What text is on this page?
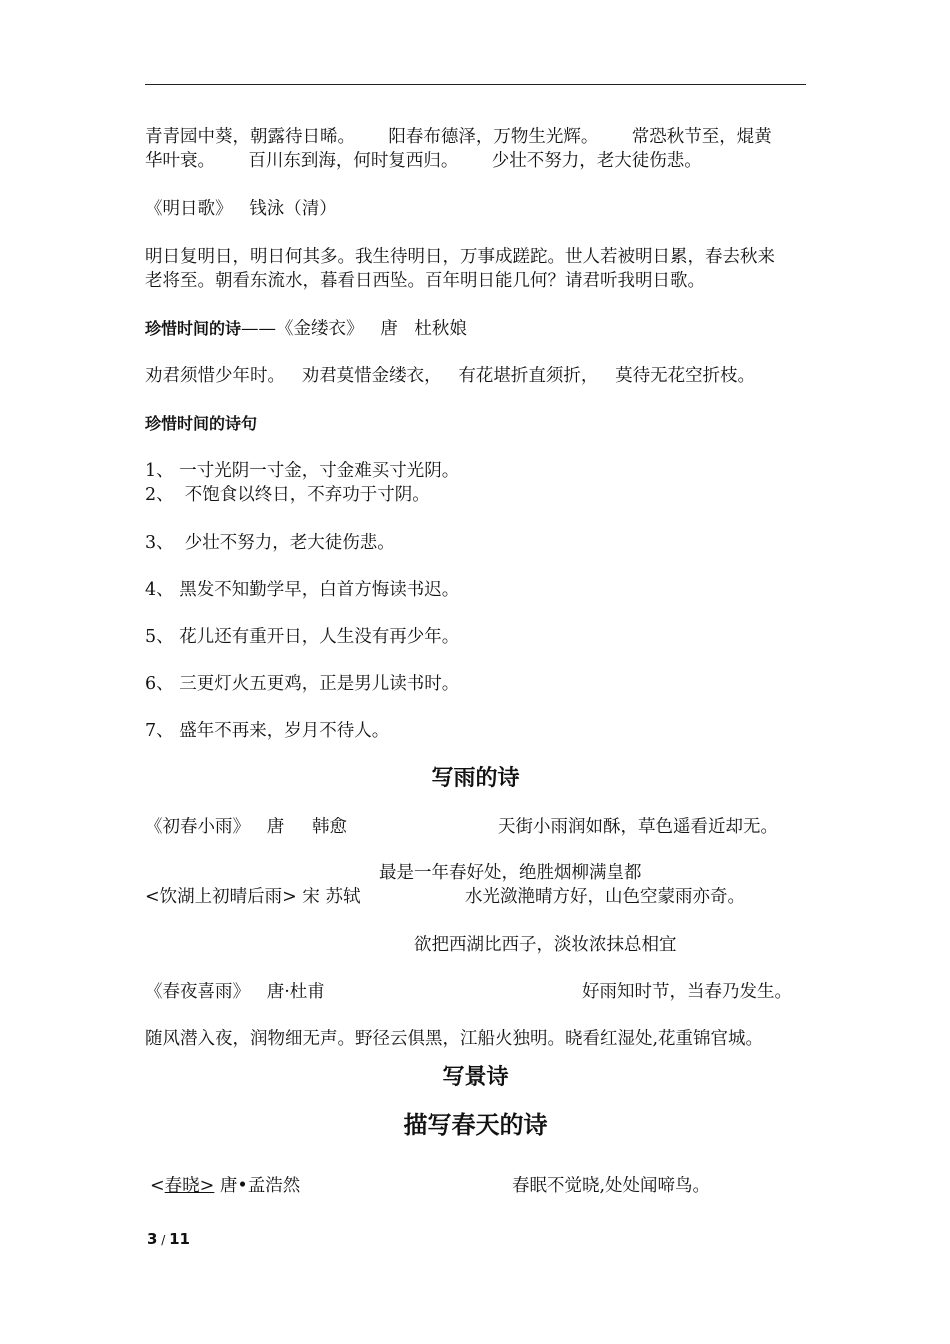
青青园中葵，朝露待日晞。      阳春布德泽，万物生光辉。      常恐秋节至，焜黄
华叶衰。      百川东到海，何时复西归。      少壮不努力，老大徒伤悲。
《明日歌》   钱泳（清）
明日复明日，明日何其多。我生待明日，万事成蹉跎。世人若被明日累，春去秋来
老将至。朝看东流水，暮看日西坠。百年明日能几何？请君听我明日歌。
珍惜时间的诗——《金缕衣》   唐   杜秋娘
劝君须惜少年时。   劝君莫惜金缕衣，   有花堪折直须折，   莫待无花空折枝。
珍惜时间的诗句
1、 一寸光阴一寸金，寸金难买寸光阴。
2、  不饱食以终日，不弃功于寸阴。
3、  少壮不努力，老大徒伤悲。
4、 黑发不知勤学早，白首方悔读书迟。
5、 花儿还有重开日，人生没有再少年。
6、 三更灯火五更鸡，正是男儿读书时。
7、 盛年不再来，岁月不待人。
写雨的诗
《初春小雨》   唐     韩愈	天街小雨润如酥，草色遥看近却无。
最是一年春好处，绝胜烟柳满皇都
<饮湖上初晴后雨> 宋 苏轼	水光潋滟晴方好，山色空蒙雨亦奇。
欲把西湖比西子，淡妆浓抹总相宜
《春夜喜雨》   唐·杜甫	好雨知时节，当春乃发生。
随风潜入夜，润物细无声。野径云俱黑，江船火独明。晓看红湿处,花重锦官城。
写景诗
描写春天的诗
<春晓> 唐•孟浩然	春眠不觉晓,处处闻啼鸟。
3 / 11
